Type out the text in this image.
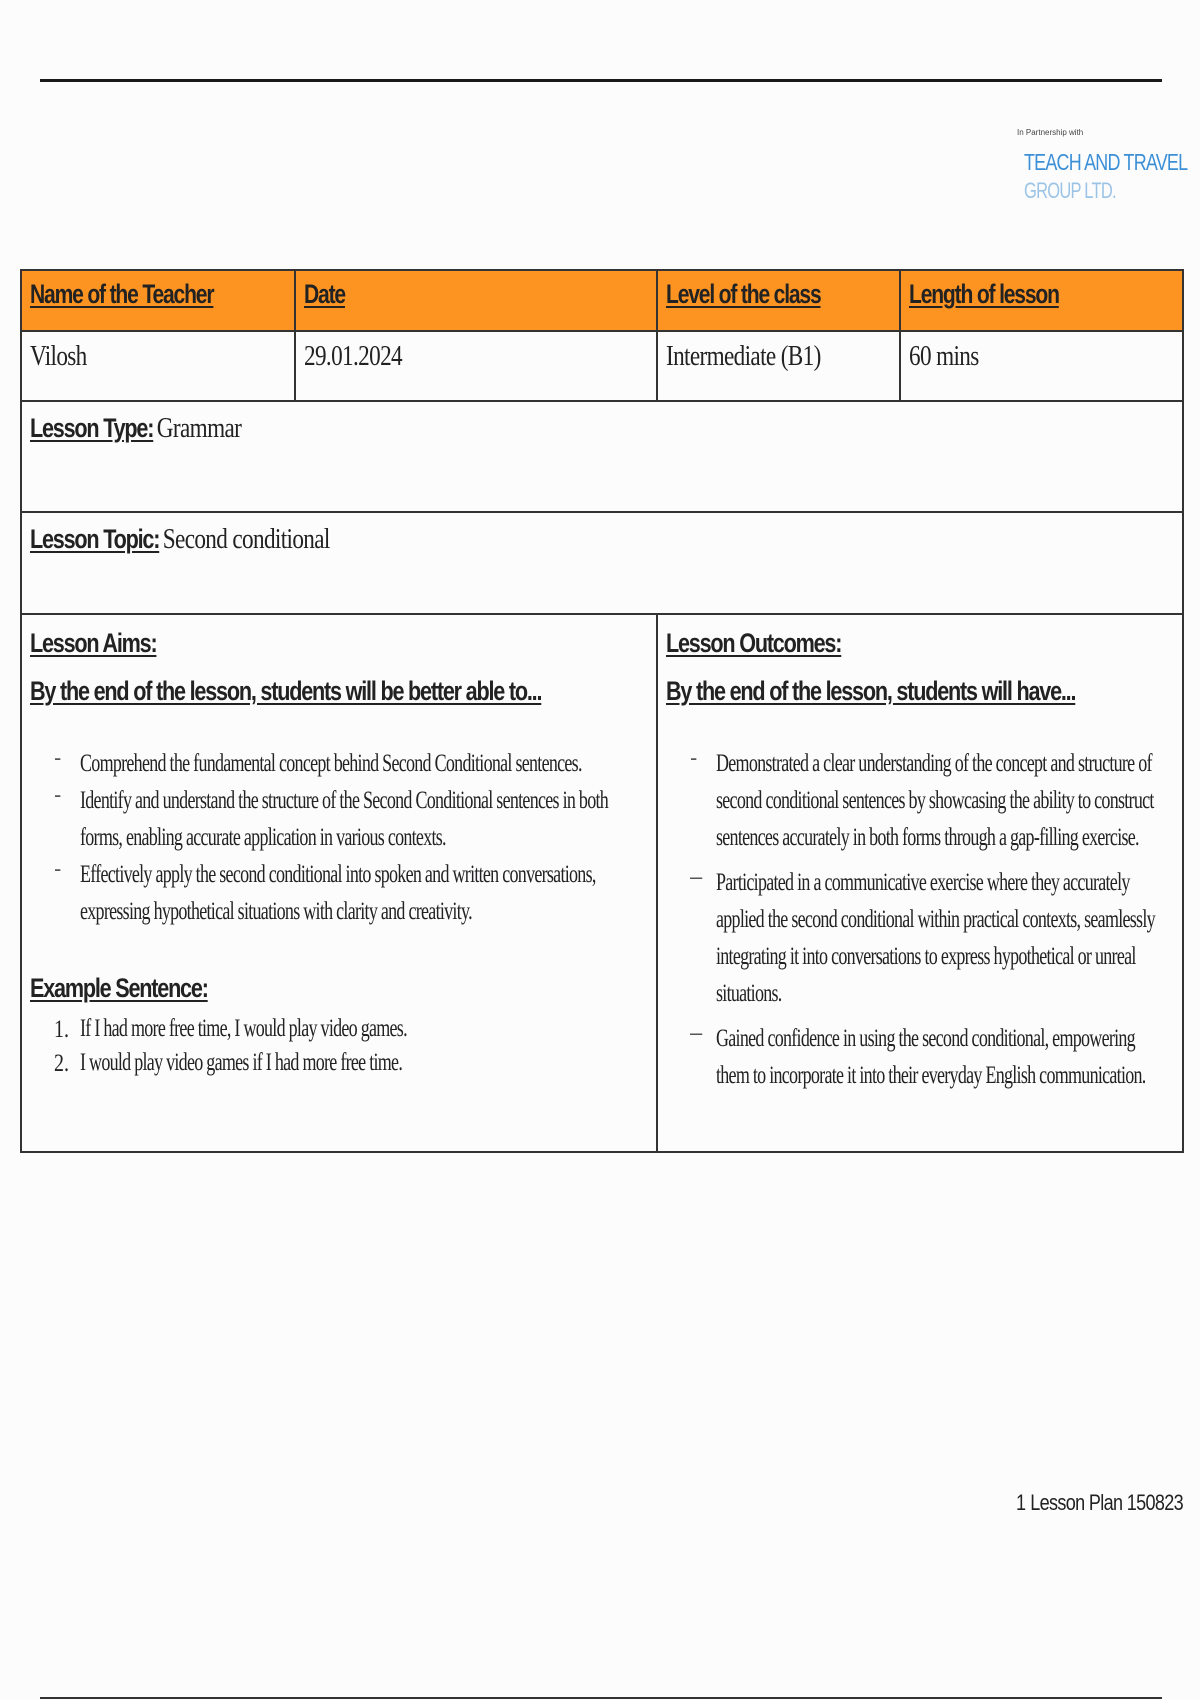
In Partnership with
TEACH AND TRAVEL
GROUP LTD.
Name of the Teacher	Date	Level of the class	Length of lesson
Vilosh	29.01.2024	Intermediate (B1)	60 mins
Lesson Type: Grammar
Lesson Topic: Second conditional
Lesson Aims:
By the end of the lesson, students will be better able to...
- Comprehend the fundamental concept behind Second Conditional sentences.
- Identify and understand the structure of the Second Conditional sentences in both
forms, enabling accurate application in various contexts.
- Effectively apply the second conditional into spoken and written conversations,
expressing hypothetical situations with clarity and creativity.
Example Sentence:
1. If I had more free time, I would play video games.
2. I would play video games if I had more free time.
Lesson Outcomes:
By the end of the lesson, students will have...
- Demonstrated a clear understanding of the concept and structure of
second conditional sentences by showcasing the ability to construct
sentences accurately in both forms through a gap-filling exercise.
– Participated in a communicative exercise where they accurately
applied the second conditional within practical contexts, seamlessly
integrating it into conversations to express hypothetical or unreal
situations.
– Gained confidence in using the second conditional, empowering
them to incorporate it into their everyday English communication.
1 Lesson Plan 150823
